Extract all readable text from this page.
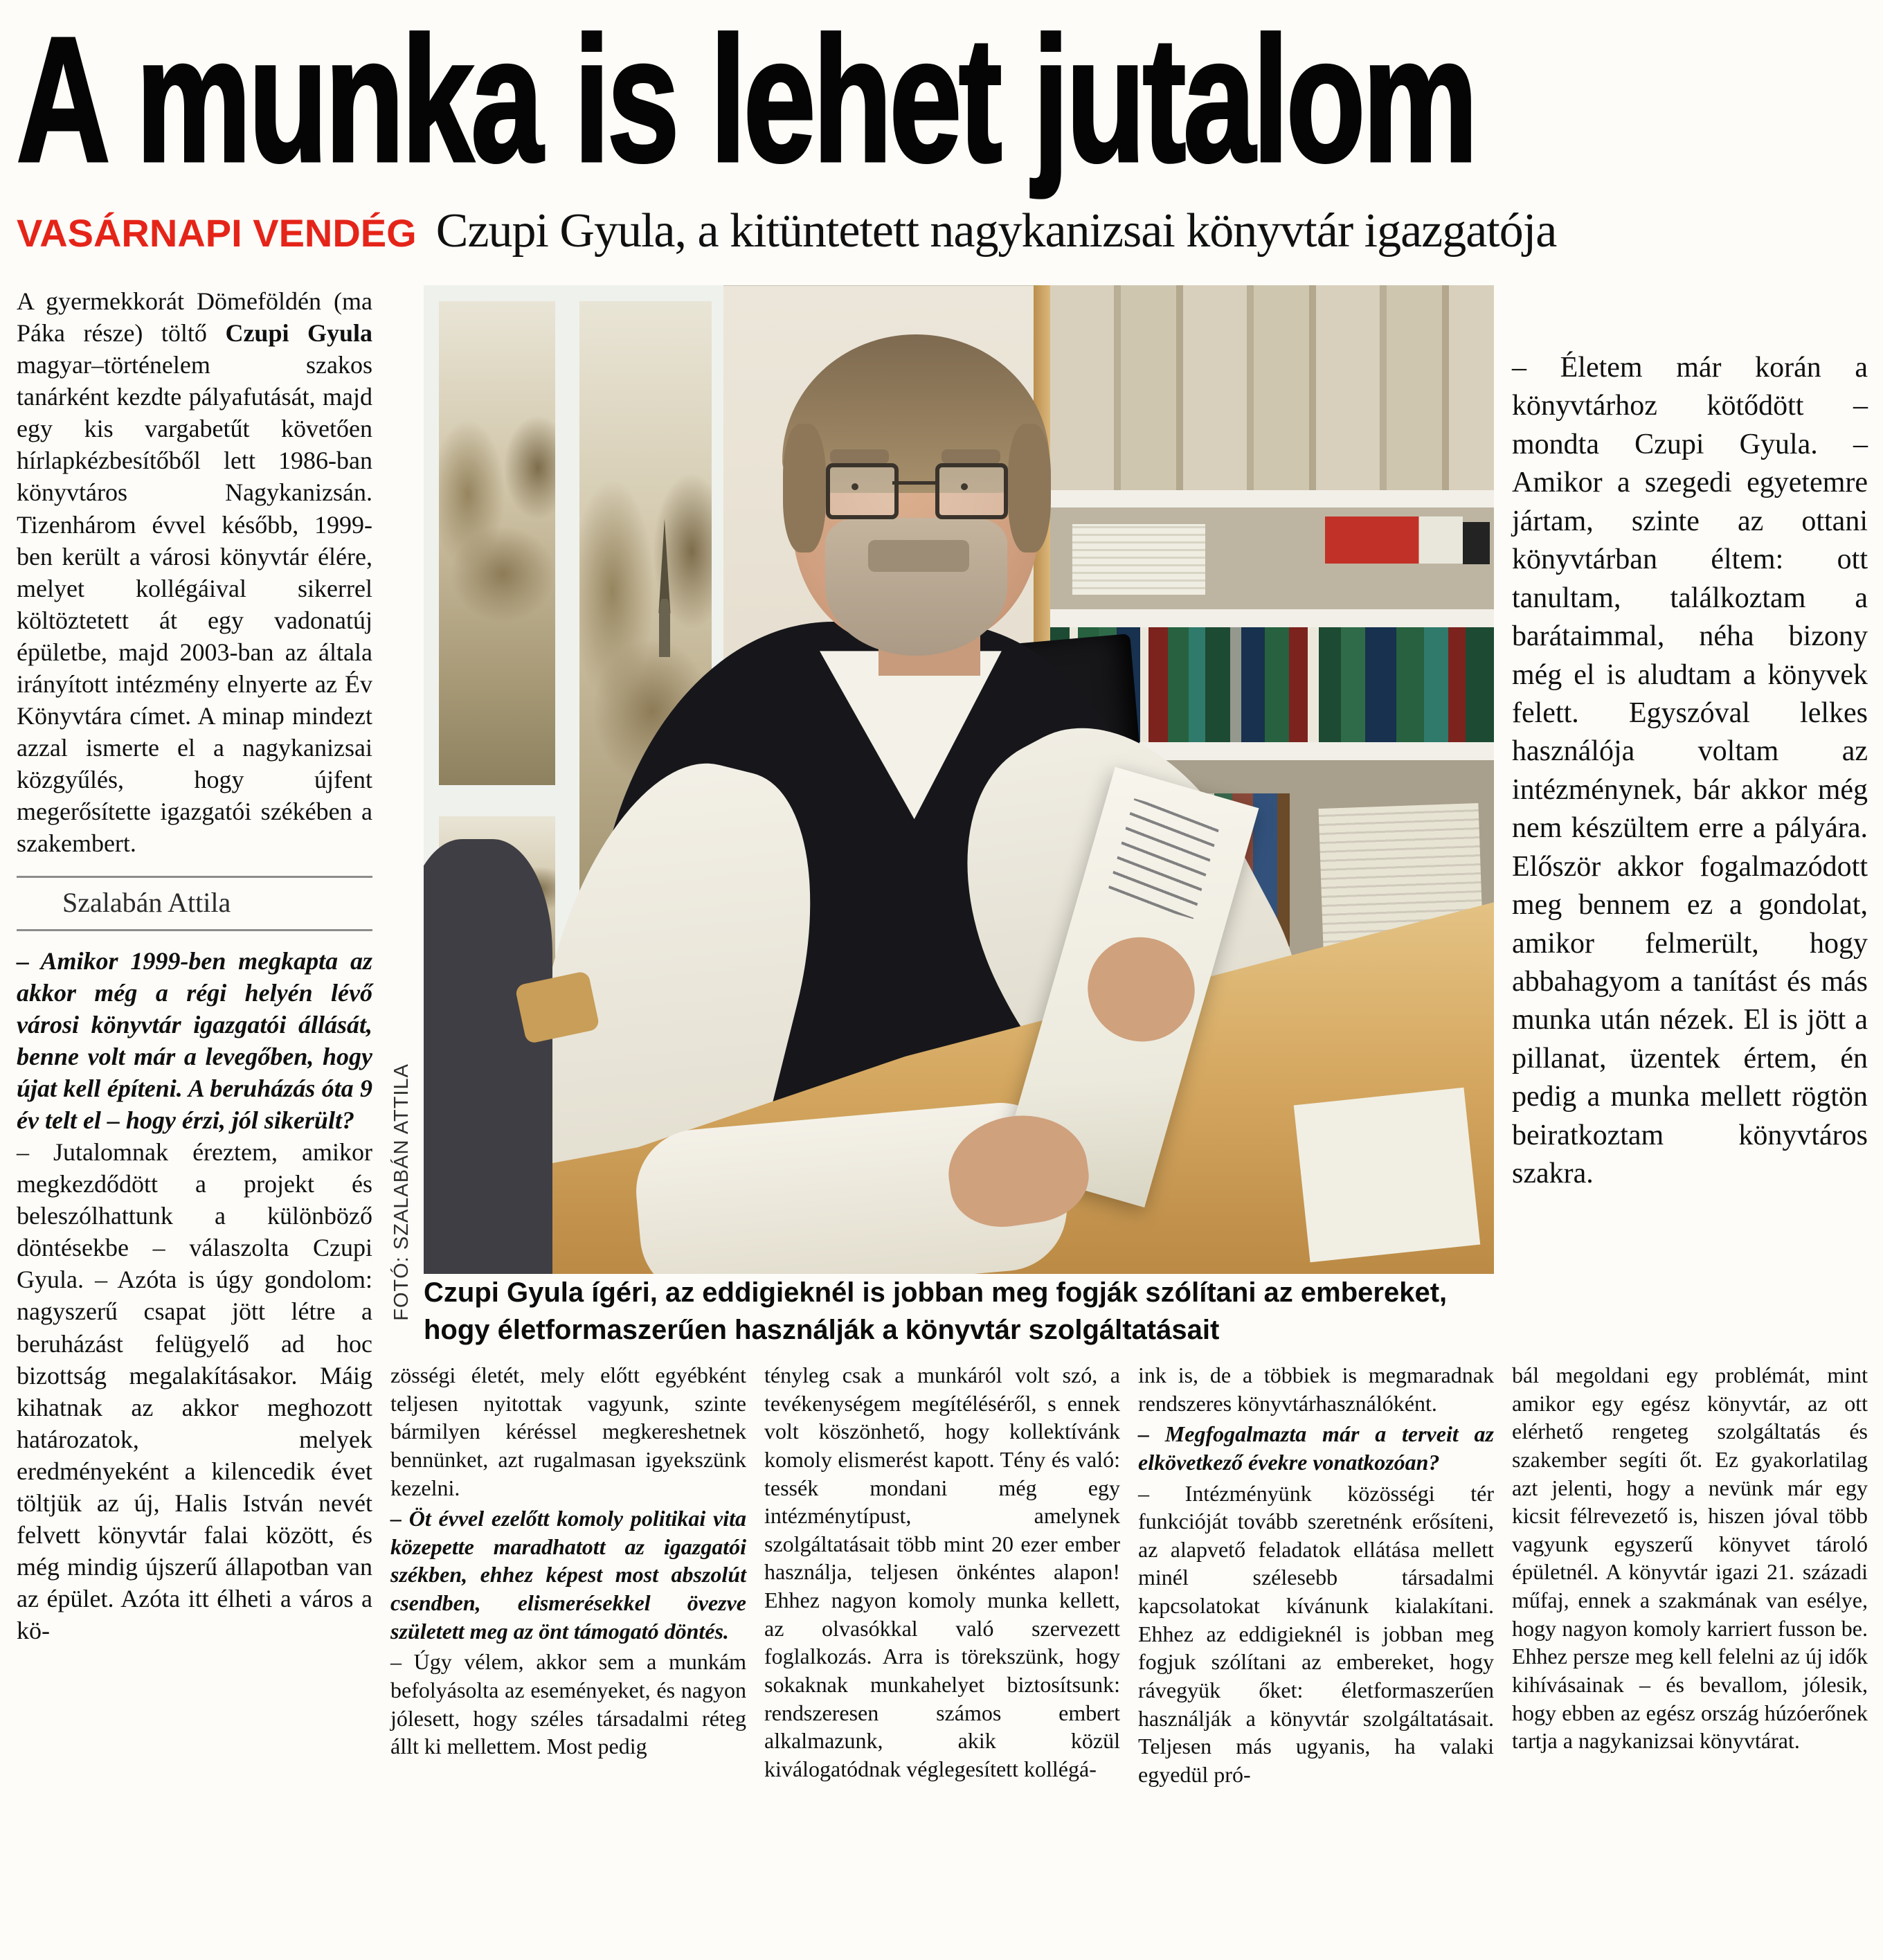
A munka is lehet jutalom
VASÁRNAPI VENDÉG Czupi Gyula, a kitüntetett nagykanizsai könyvtár igazgatója

A gyermekkorát Dömeföldén (ma Páka része) töltő Czupi Gyula magyar–történelem szakos tanárként kezdte pályafutását, majd egy kis vargabetűt követően hírlapkézbesítőből lett 1986-ban könyvtáros Nagykanizsán. Tizenhárom évvel később, 1999-ben került a városi könyvtár élére, melyet kollégáival sikerrel költöztetett át egy vadonatúj épületbe, majd 2003-ban az általa irányított intézmény elnyerte az Év Könyvtára címet. A minap mindezt azzal ismerte el a nagykanizsai közgyűlés, hogy újfent megerősítette igazgatói székében a szakembert.

Szalabán Attila

– Amikor 1999-ben megkapta az akkor még a régi helyén lévő városi könyvtár igazgatói állását, benne volt már a levegőben, hogy újat kell építeni. A beruházás óta 9 év telt el – hogy érzi, jól sikerült?

– Jutalomnak éreztem, amikor megkezdődött a projekt és beleszólhattunk a különböző döntésekbe – válaszolta Czupi Gyula. – Azóta is úgy gondolom: nagyszerű csapat jött létre a beruházást felügyelő ad hoc bizottság megalakításakor. Máig kihatnak az akkor meghozott határozatok, melyek eredményeként a kilencedik évet töltjük az új, Halis István nevét felvett könyvtár falai között, és még mindig újszerű állapotban van az épület. Azóta itt élheti a város a kö-

FOTÓ: SZALABÁN ATTILA Czupi Gyula ígéri, az eddigieknél is jobban meg fogják szólítani az embereket, hogy életformaszerűen használják a könyvtár szolgáltatásait

– Életem már korán a könyvtárhoz kötődött – mondta Czupi Gyula. – Amikor a szegedi egyetemre jártam, szinte az ottani könyvtárban éltem: ott tanultam, találkoztam a barátaimmal, néha bizony még el is aludtam a könyvek felett. Egyszóval lelkes használója voltam az intézménynek, bár akkor még nem készültem erre a pályára. Először akkor fogalmazódott meg bennem ez a gondolat, amikor felmerült, hogy abbahagyom a tanítást és más munka után nézek. El is jött a pillanat, üzentek értem, én pedig a munka mellett rögtön beiratkoztam könyvtáros szakra.

zösségi életét, mely előtt egyébként teljesen nyitottak vagyunk, szinte bármilyen kéréssel megkereshetnek bennünket, azt rugalmasan igyekszünk kezelni.

– Öt évvel ezelőtt komoly politikai vita közepette maradhatott az igazgatói székben, ehhez képest most abszolút csendben, elismerésekkel övezve született meg az önt támogató döntés.

– Úgy vélem, akkor sem a munkám befolyásolta az eseményeket, és nagyon jólesett, hogy széles társadalmi réteg állt ki mellettem. Most pedig

tényleg csak a munkáról volt szó, a tevékenységem megítéléséről, s ennek volt köszönhető, hogy kollektívánk komoly elismerést kapott. Tény és való: tessék mondani még egy intézménytípust, amelynek szolgáltatásait több mint 20 ezer ember használja, teljesen önkéntes alapon! Ehhez nagyon komoly munka kellett, az olvasókkal való szervezett foglalkozás. Arra is törekszünk, hogy sokaknak munkahelyet biztosítsunk: rendszeresen számos embert alkalmazunk, akik közül kiválogatódnak véglegesített kollégá-

ink is, de a többiek is megmaradnak rendszeres könyvtárhasználóként.

– Megfogalmazta már a terveit az elkövetkező évekre vonatkozóan?

– Intézményünk közösségi tér funkcióját tovább szeretnénk erősíteni, az alapvető feladatok ellátása mellett minél szélesebb társadalmi kapcsolatokat kívánunk kialakítani. Ehhez az eddigieknél is jobban meg fogjuk szólítani az embereket, hogy rávegyük őket: életformaszerűen használják a könyvtár szolgáltatásait. Teljesen más ugyanis, ha valaki egyedül pró-

bál megoldani egy problémát, mint amikor egy egész könyvtár, az ott elérhető rengeteg szolgáltatás és szakember segíti őt. Ez gyakorlatilag azt jelenti, hogy a nevünk már egy kicsit félrevezető is, hiszen jóval több vagyunk egyszerű könyvet tároló épületnél. A könyvtár igazi 21. századi műfaj, ennek a szakmának van esélye, hogy nagyon komoly karriert fusson be. Ehhez persze meg kell felelni az új idők kihívásainak – és bevallom, jólesik, hogy ebben az egész ország húzóerőnek tartja a nagykanizsai könyvtárat.
